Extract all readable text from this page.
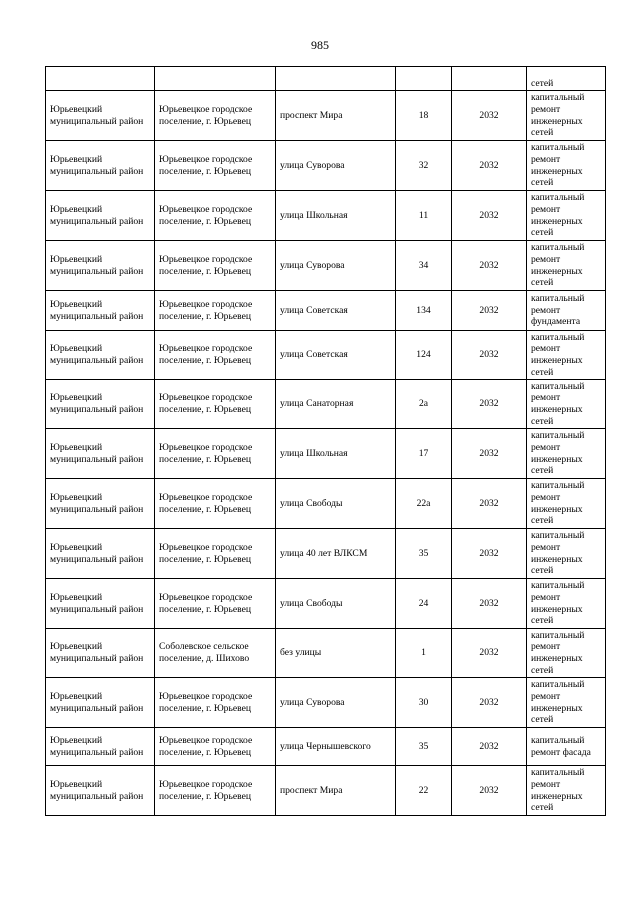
985
					сетей
Юрьевецкий муниципальный район	Юрьевецкое городское поселение, г. Юрьевец	проспект Мира	18	2032	капитальный ремонт инженерных сетей
Юрьевецкий муниципальный район	Юрьевецкое городское поселение, г. Юрьевец	улица Суворова	32	2032	капитальный ремонт инженерных сетей
Юрьевецкий муниципальный район	Юрьевецкое городское поселение, г. Юрьевец	улица Школьная	11	2032	капитальный ремонт инженерных сетей
Юрьевецкий муниципальный район	Юрьевецкое городское поселение, г. Юрьевец	улица Суворова	34	2032	капитальный ремонт инженерных сетей
Юрьевецкий муниципальный район	Юрьевецкое городское поселение, г. Юрьевец	улица Советская	134	2032	капитальный ремонт фундамента
Юрьевецкий муниципальный район	Юрьевецкое городское поселение, г. Юрьевец	улица Советская	124	2032	капитальный ремонт инженерных сетей
Юрьевецкий муниципальный район	Юрьевецкое городское поселение, г. Юрьевец	улица Санаторная	2а	2032	капитальный ремонт инженерных сетей
Юрьевецкий муниципальный район	Юрьевецкое городское поселение, г. Юрьевец	улица Школьная	17	2032	капитальный ремонт инженерных сетей
Юрьевецкий муниципальный район	Юрьевецкое городское поселение, г. Юрьевец	улица Свободы	22а	2032	капитальный ремонт инженерных сетей
Юрьевецкий муниципальный район	Юрьевецкое городское поселение, г. Юрьевец	улица 40 лет ВЛКСМ	35	2032	капитальный ремонт инженерных сетей
Юрьевецкий муниципальный район	Юрьевецкое городское поселение, г. Юрьевец	улица Свободы	24	2032	капитальный ремонт инженерных сетей
Юрьевецкий муниципальный район	Соболевское сельское поселение, д. Шихово	без улицы	1	2032	капитальный ремонт инженерных сетей
Юрьевецкий муниципальный район	Юрьевецкое городское поселение, г. Юрьевец	улица Суворова	30	2032	капитальный ремонт инженерных сетей
Юрьевецкий муниципальный район	Юрьевецкое городское поселение, г. Юрьевец	улица Чернышевского	35	2032	капитальный ремонт фасада
Юрьевецкий муниципальный район	Юрьевецкое городское поселение, г. Юрьевец	проспект Мира	22	2032	капитальный ремонт инженерных сетей
